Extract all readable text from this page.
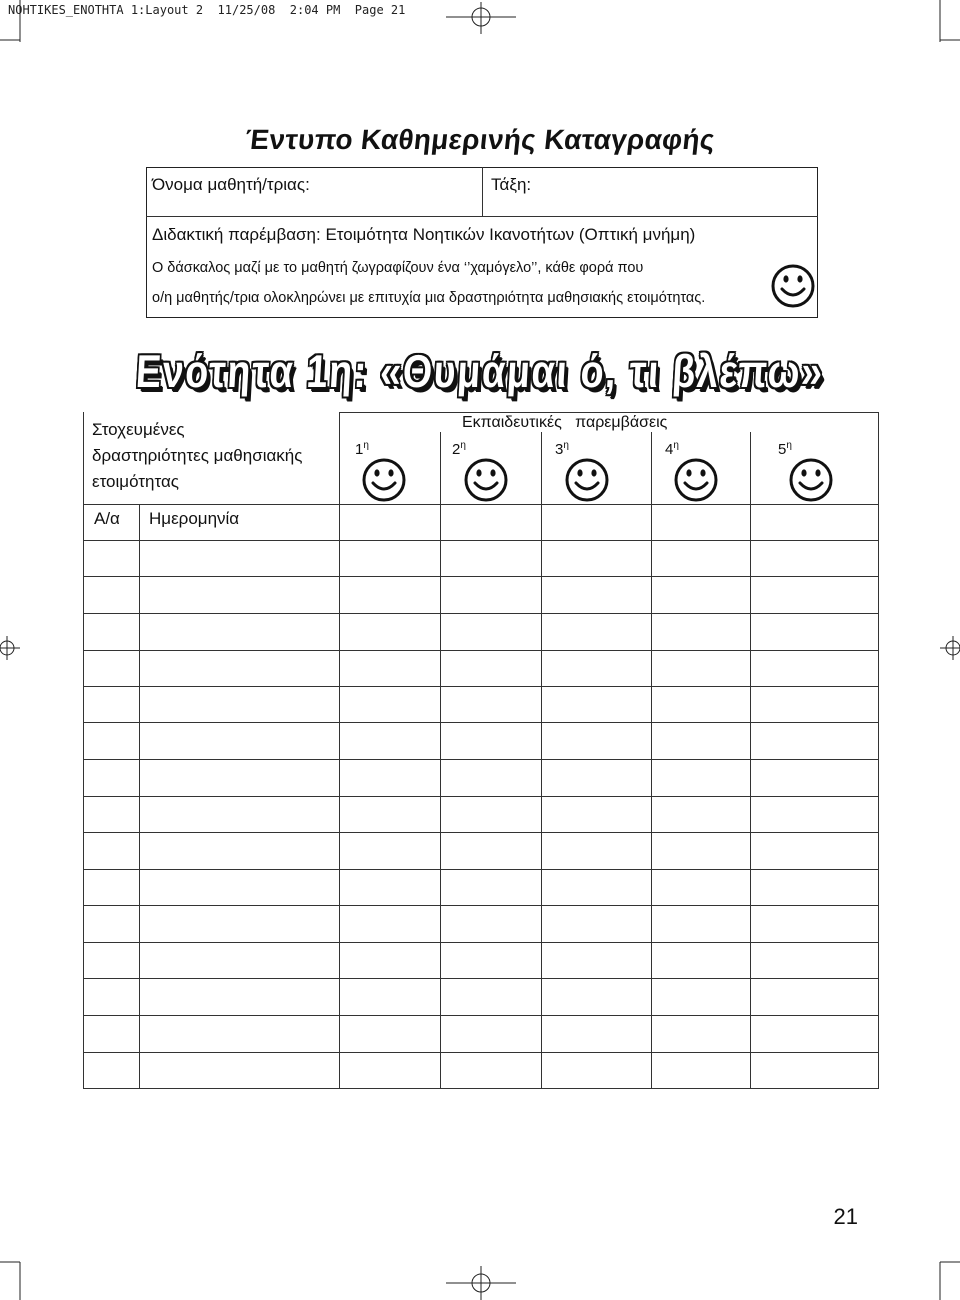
NOHTIKES_ENOTHTA 1:Layout 2  11/25/08  2:04 PM  Page 21
Έντυπο Καθημερινής Καταγραφής
Όνομα μαθητή/τριας:	Τάξη:
Διδακτική παρέμβαση: Ετοιμότητα Νοητικών Ικανοτήτων (Οπτική μνήμη)
Ο δάσκαλος μαζί με το μαθητή ζωγραφίζουν ένα ‘’χαμόγελο’’, κάθε φορά που
ο/η μαθητής/τρια ολοκληρώνει με επιτυχία μια δραστηριότητα μαθησιακής ετοιμότητας.
Ενότητα 1η: «Θυμάμαι ό, τι βλέπω»
Στοχευμένες
δραστηριότητες μαθησιακής
ετοιμότητας
Εκπαιδευτικές   παρεμβάσεις
$1^\eta$	$2^\eta$	$3^\eta$	$4^\eta$	$5^\eta$
Α/α Ημερομηνία
21
